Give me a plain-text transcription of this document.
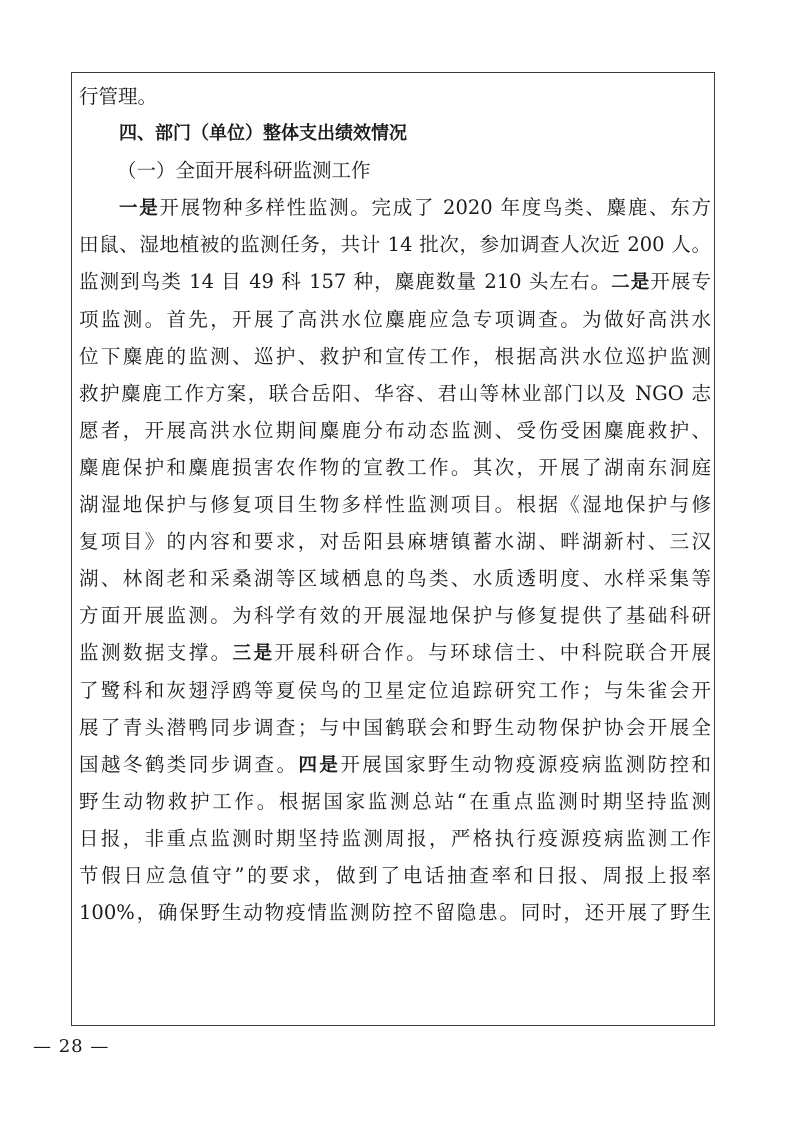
行管理。
四、部门（单位）整体支出绩效情况
（一）全面开展科研监测工作
一是开展物种多样性监测。完成了 2020 年度鸟类、麋鹿、东方
田鼠、湿地植被的监测任务，共计 14 批次，参加调查人次近 200 人。
监测到鸟类 14 目 49 科 157 种，麋鹿数量 210 头左右。二是开展专
项监测。首先，开展了高洪水位麋鹿应急专项调查。为做好高洪水
位下麋鹿的监测、巡护、救护和宣传工作，根据高洪水位巡护监测
救护麋鹿工作方案，联合岳阳、华容、君山等林业部门以及 NGO 志
愿者，开展高洪水位期间麋鹿分布动态监测、受伤受困麋鹿救护、
麋鹿保护和麋鹿损害农作物的宣教工作。其次，开展了湖南东洞庭
湖湿地保护与修复项目生物多样性监测项目。根据《湿地保护与修
复项目》的内容和要求，对岳阳县麻塘镇蓄水湖、畔湖新村、三汉
湖、林阁老和采桑湖等区域栖息的鸟类、水质透明度、水样采集等
方面开展监测。为科学有效的开展湿地保护与修复提供了基础科研
监测数据支撑。三是开展科研合作。与环球信士、中科院联合开展
了鹭科和灰翅浮鸥等夏侯鸟的卫星定位追踪研究工作；与朱雀会开
展了青头潜鸭同步调查；与中国鹤联会和野生动物保护协会开展全
国越冬鹤类同步调查。四是开展国家野生动物疫源疫病监测防控和
野生动物救护工作。根据国家监测总站“在重点监测时期坚持监测
日报，非重点监测时期坚持监测周报，严格执行疫源疫病监测工作
节假日应急值守”的要求，做到了电话抽查率和日报、周报上报率
100%，确保野生动物疫情监测防控不留隐患。同时，还开展了野生
— 28 —
